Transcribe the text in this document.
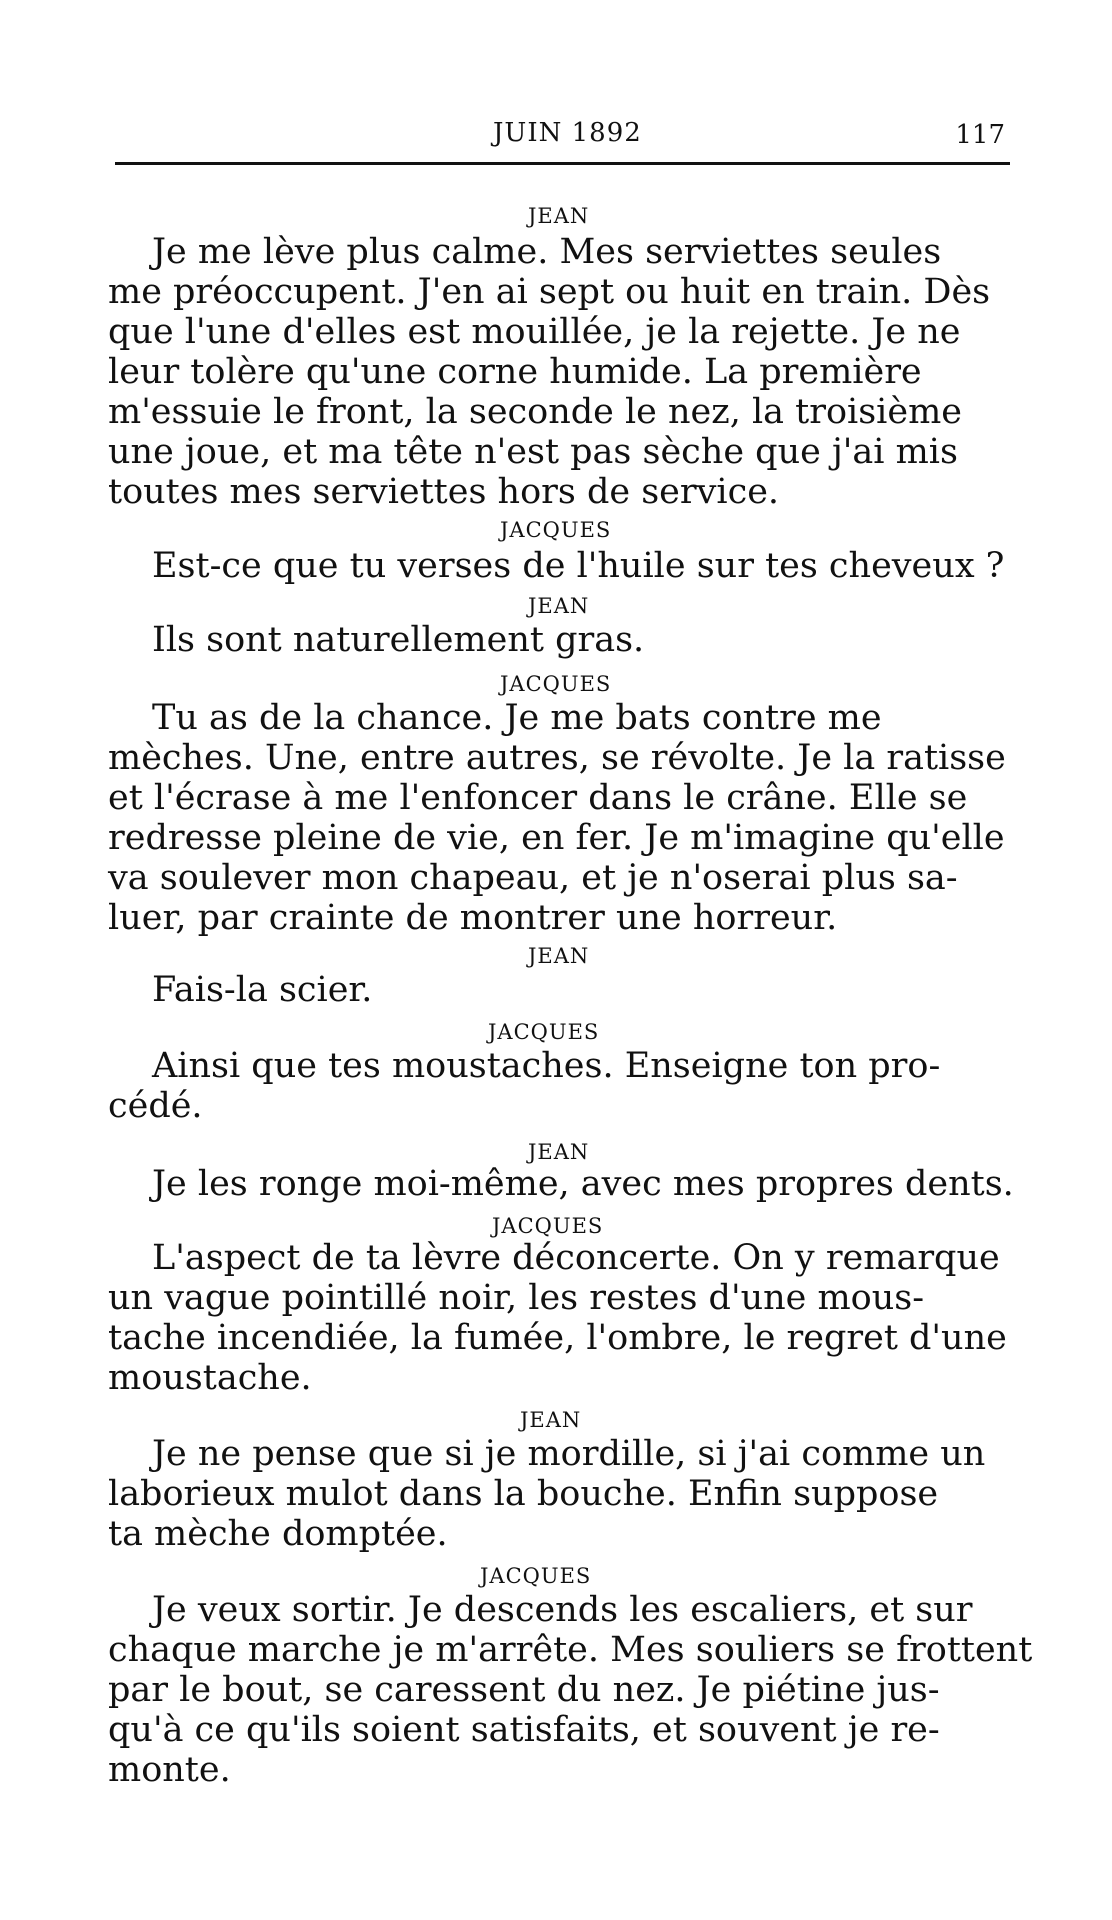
JUIN 1892	117
JEAN
Je me lève plus calme. Mes serviettes seules
me préoccupent. J'en ai sept ou huit en train. Dès
que l'une d'elles est mouillée, je la rejette. Je ne
leur tolère qu'une corne humide. La première
m'essuie le front, la seconde le nez, la troisième
une joue, et ma tête n'est pas sèche que j'ai mis
toutes mes serviettes hors de service.
JACQUES
Est-ce que tu verses de l'huile sur tes cheveux ?
JEAN
Ils sont naturellement gras.
JACQUES
Tu as de la chance. Je me bats contre me
mèches. Une, entre autres, se révolte. Je la ratisse
et l'écrase à me l'enfoncer dans le crâne. Elle se
redresse pleine de vie, en fer. Je m'imagine qu'elle
va soulever mon chapeau, et je n'oserai plus sa-
luer, par crainte de montrer une horreur.
JEAN
Fais-la scier.
JACQUES
Ainsi que tes moustaches. Enseigne ton pro-
cédé.
JEAN
Je les ronge moi-même, avec mes propres dents.
JACQUES
L'aspect de ta lèvre déconcerte. On y remarque
un vague pointillé noir, les restes d'une mous-
tache incendiée, la fumée, l'ombre, le regret d'une
moustache.
JEAN
Je ne pense que si je mordille, si j'ai comme un
laborieux mulot dans la bouche. Enfin suppose
ta mèche domptée.
JACQUES
Je veux sortir. Je descends les escaliers, et sur
chaque marche je m'arrête. Mes souliers se frottent
par le bout, se caressent du nez. Je piétine jus-
qu'à ce qu'ils soient satisfaits, et souvent je re-
monte.
